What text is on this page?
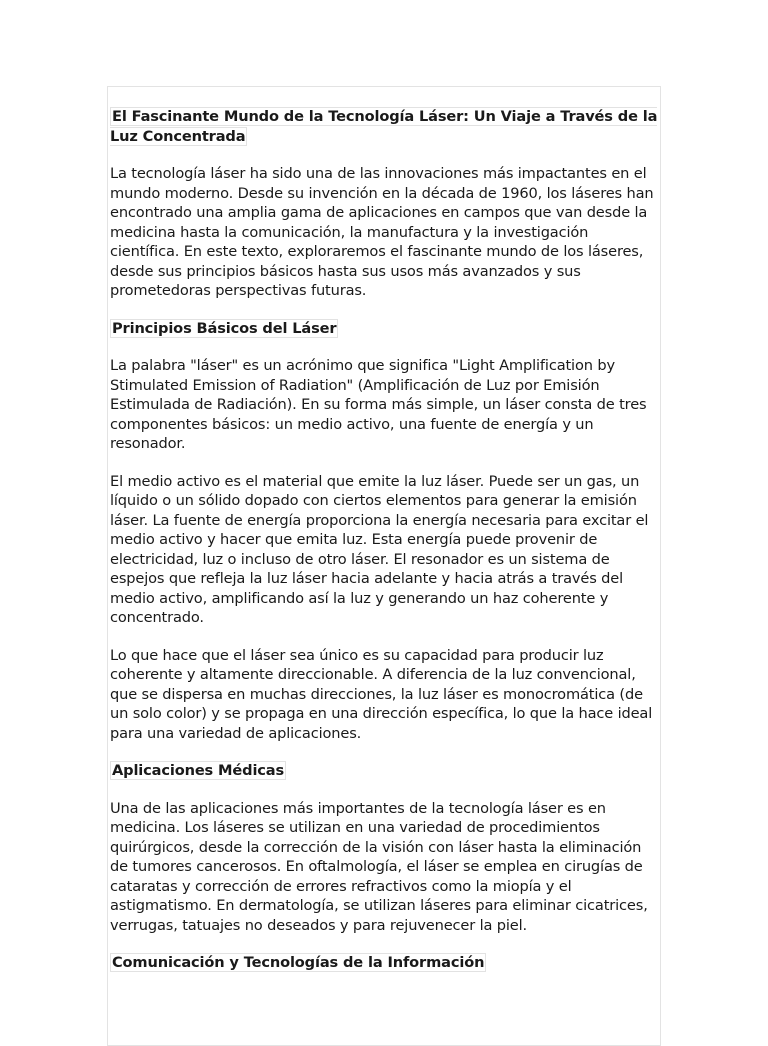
El Fascinante Mundo de la Tecnología Láser: Un Viaje a Través de la Luz Concentrada

La tecnología láser ha sido una de las innovaciones más impactantes en el mundo moderno. Desde su invención en la década de 1960, los láseres han encontrado una amplia gama de aplicaciones en campos que van desde la medicina hasta la comunicación, la manufactura y la investigación científica. En este texto, exploraremos el fascinante mundo de los láseres, desde sus principios básicos hasta sus usos más avanzados y sus prometedoras perspectivas futuras.

Principios Básicos del Láser

La palabra "láser" es un acrónimo que significa "Light Amplification by Stimulated Emission of Radiation" (Amplificación de Luz por Emisión Estimulada de Radiación). En su forma más simple, un láser consta de tres componentes básicos: un medio activo, una fuente de energía y un resonador.

El medio activo es el material que emite la luz láser. Puede ser un gas, un líquido o un sólido dopado con ciertos elementos para generar la emisión láser. La fuente de energía proporciona la energía necesaria para excitar el medio activo y hacer que emita luz. Esta energía puede provenir de electricidad, luz o incluso de otro láser. El resonador es un sistema de espejos que refleja la luz láser hacia adelante y hacia atrás a través del medio activo, amplificando así la luz y generando un haz coherente y concentrado.

Lo que hace que el láser sea único es su capacidad para producir luz coherente y altamente direccionable. A diferencia de la luz convencional, que se dispersa en muchas direcciones, la luz láser es monocromática (de un solo color) y se propaga en una dirección específica, lo que la hace ideal para una variedad de aplicaciones.

Aplicaciones Médicas

Una de las aplicaciones más importantes de la tecnología láser es en medicina. Los láseres se utilizan en una variedad de procedimientos quirúrgicos, desde la corrección de la visión con láser hasta la eliminación de tumores cancerosos. En oftalmología, el láser se emplea en cirugías de cataratas y corrección de errores refractivos como la miopía y el astigmatismo. En dermatología, se utilizan láseres para eliminar cicatrices, verrugas, tatuajes no deseados y para rejuvenecer la piel.

Comunicación y Tecnologías de la Información
